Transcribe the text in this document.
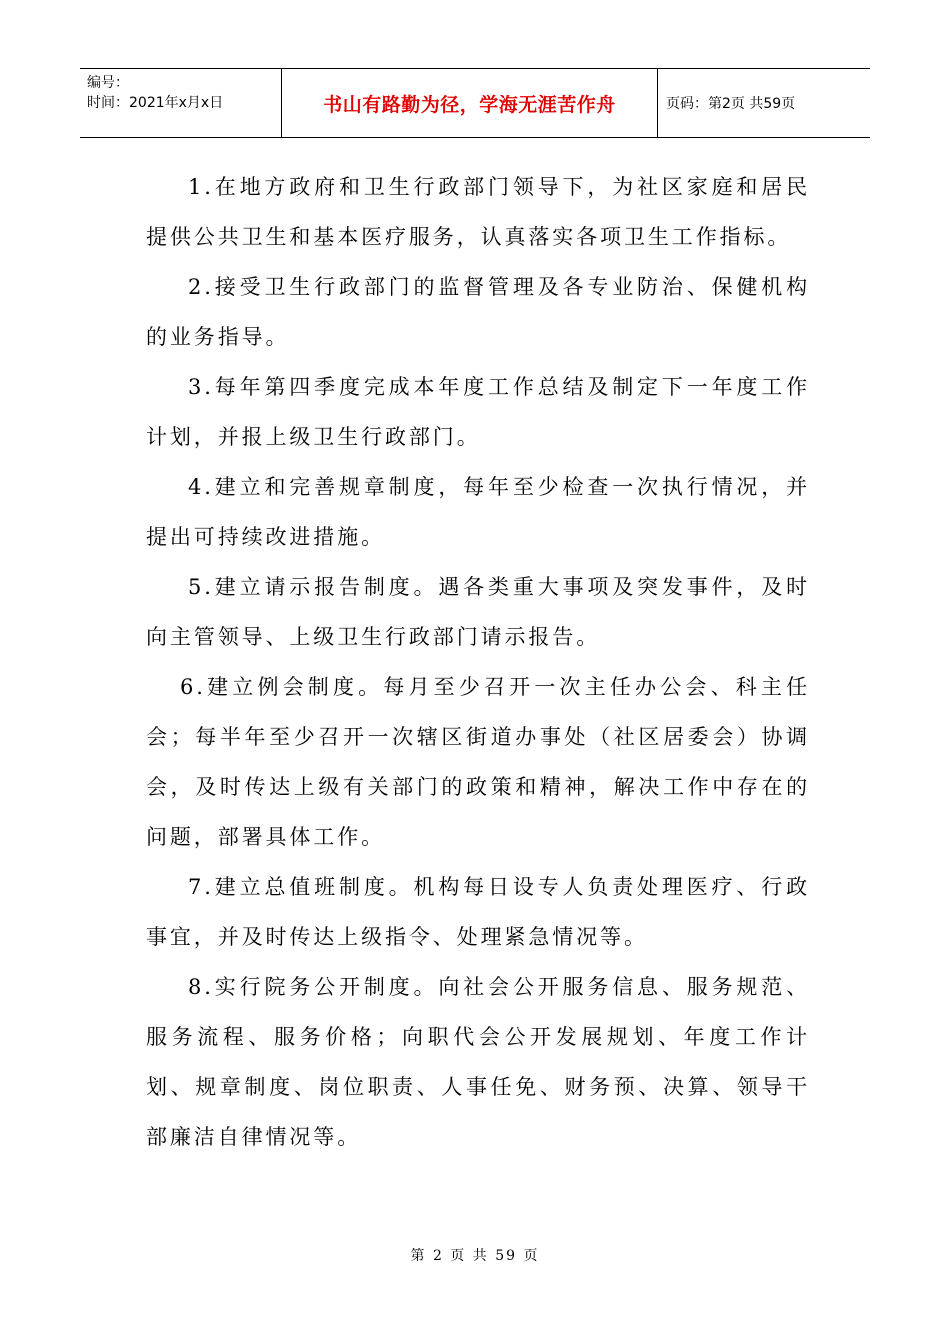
编号：
时间：2021年x月x日	书山有路勤为径，学海无涯苦作舟	页码：第2页 共59页

1.在地方政府和卫生行政部门领导下，为社区家庭和居民提供公共卫生和基本医疗服务，认真落实各项卫生工作指标。

2.接受卫生行政部门的监督管理及各专业防治、保健机构的业务指导。

3.每年第四季度完成本年度工作总结及制定下一年度工作计划，并报上级卫生行政部门。

4.建立和完善规章制度，每年至少检查一次执行情况，并提出可持续改进措施。

5.建立请示报告制度。遇各类重大事项及突发事件，及时向主管领导、上级卫生行政部门请示报告。

6.建立例会制度。每月至少召开一次主任办公会、科主任会；每半年至少召开一次辖区街道办事处（社区居委会）协调会，及时传达上级有关部门的政策和精神，解决工作中存在的问题，部署具体工作。

7.建立总值班制度。机构每日设专人负责处理医疗、行政事宜，并及时传达上级指令、处理紧急情况等。

8.实行院务公开制度。向社会公开服务信息、服务规范、服务流程、服务价格；向职代会公开发展规划、年度工作计划、规章制度、岗位职责、人事任免、财务预、决算、领导干部廉洁自律情况等。

第 2 页 共 59 页
